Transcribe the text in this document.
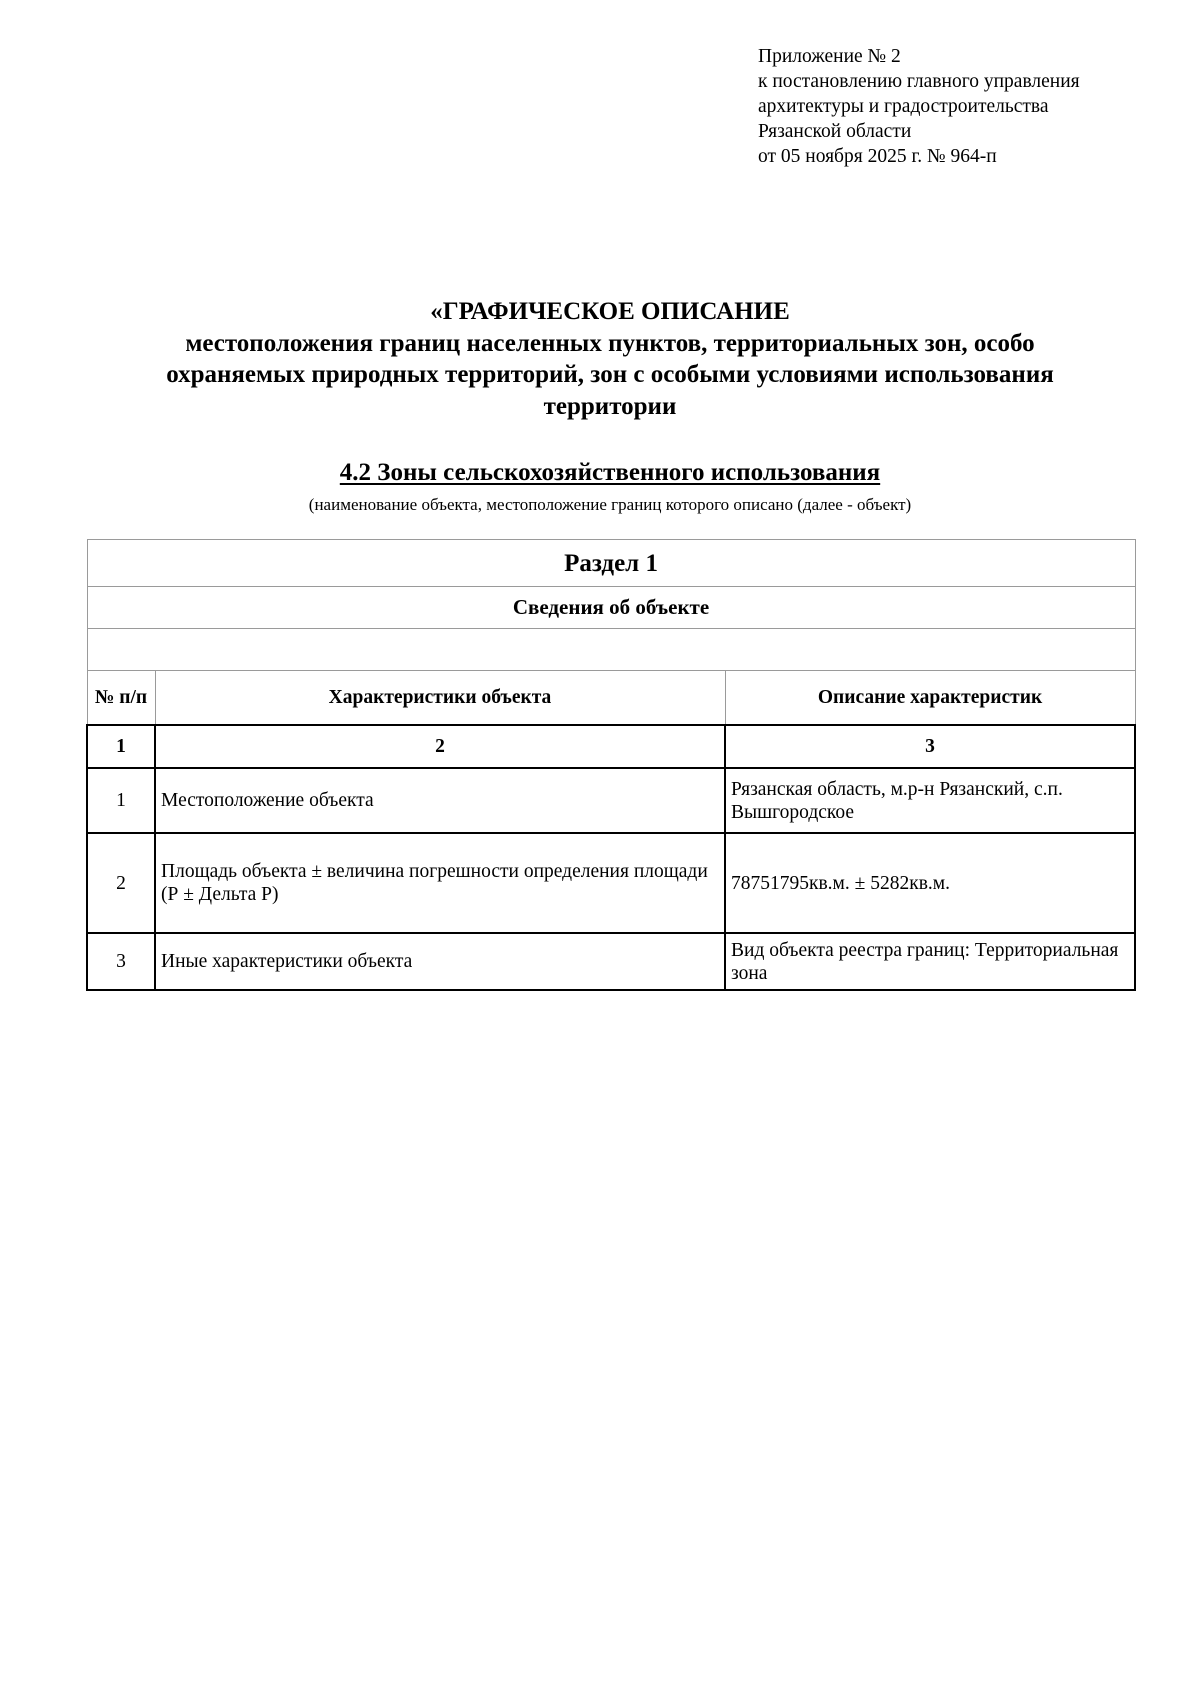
Приложение № 2
к постановлению главного управления
архитектуры и градостроительства
Рязанской области
от 05 ноября 2025 г. № 964-п
«ГРАФИЧЕСКОЕ ОПИСАНИЕ
местоположения границ населенных пунктов, территориальных зон, особо
охраняемых природных территорий, зон с особыми условиями использования
территории
4.2 Зоны сельскохозяйственного использования
(наименование объекта, местоположение границ которого описано (далее - объект)
Раздел 1		
Сведения об объекте		

№ п/п	Характеристики объекта	Описание характеристик
1	2	3
1	Местоположение объекта	Рязанская область, м.р-н Рязанский, с.п. Вышгородское
2	Площадь объекта ± величина погрешности определения площади (Р ± Дельта Р)	78751795кв.м. ± 5282кв.м.
3	Иные характеристики объекта	Вид объекта реестра границ: Территориальная зона
